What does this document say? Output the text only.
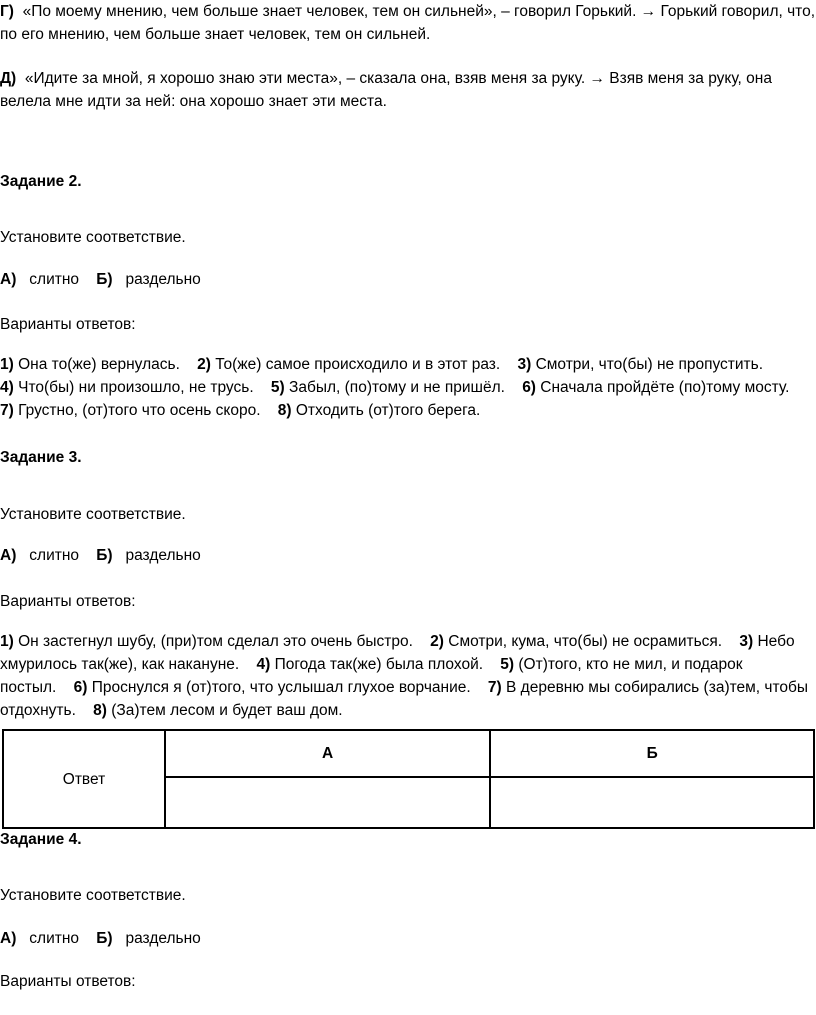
Г) «По моему мнению, чем больше знает человек, тем он сильней», – говорил Горький. → Горький говорил, что, по его мнению, чем больше знает человек, тем он сильней.

Д) «Идите за мной, я хорошо знаю эти места», – сказала она, взяв меня за руку. → Взяв меня за руку, она велела мне идти за ней: она хорошо знает эти места.

Задание 2.

Установите соответствие.

А) слитно Б) раздельно

Варианты ответов:

1) Она то(же) вернулась. 2) То(же) самое происходило и в этот раз. 3) Смотри, что(бы) не пропустить.    4) Что(бы) ни произошло, не трусь. 5) Забыл, (по)тому и не пришёл. 6) Сначала пройдёте (по)тому мосту.    7) Грустно, (от)того что осень скоро. 8) Отходить (от)того берега.

Задание 3.

Установите соответствие.

А) слитно Б) раздельно

Варианты ответов:

1) Он застегнул шубу, (при)том сделал это очень быстро. 2) Смотри, кума, что(бы) не осрамиться. 3) Небо хмурилось так(же), как накануне. 4) Погода так(же) была плохой. 5) (От)того, кто не мил, и подарок постыл. 6) Проснулся я (от)того, что услышал глухое ворчание. 7) В деревню мы собирались (за)тем, чтобы отдохнуть. 8) (За)тем лесом и будет ваш дом.

Ответ	А	Б

Задание 4.

Установите соответствие.

А) слитно Б) раздельно

Варианты ответов:
